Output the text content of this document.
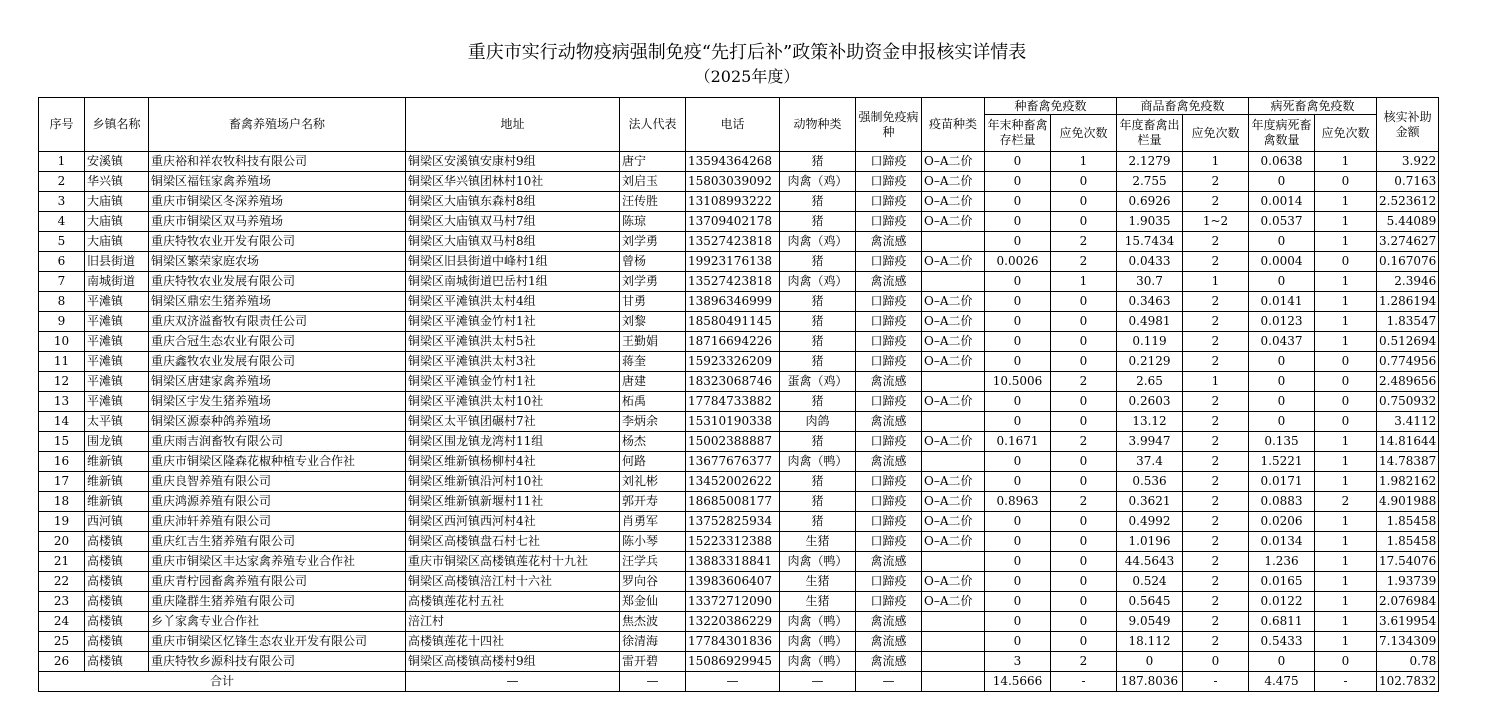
重庆市实行动物疫病强制免疫“先打后补”政策补助资金申报核实详情表
（2025年度）
序号	乡镇名称	畜禽养殖场户名称	地址	法人代表	电话	动物种类	强制免疫病种	疫苗种类	种畜禽免疫数		商品畜禽免疫数		病死畜禽免疫数		核实补助金额
									年末种畜禽存栏量	应免次数	年度畜禽出栏量	应免次数	年度病死畜禽数量	应免次数	
1	安溪镇	重庆裕和祥农牧科技有限公司	铜梁区安溪镇安康村9组	唐宁	13594364268	猪	口蹄疫	O–A二价	0	1	2.1279	1	0.0638	1	3.922
2	华兴镇	铜梁区福钰家禽养殖场	铜梁区华兴镇团林村10社	刘启玉	15803039092	肉禽（鸡）	口蹄疫	O–A二价	0	0	2.755	2	0	0	0.7163
3	大庙镇	重庆市铜梁区冬深养殖场	铜梁区大庙镇东森村8组	汪传胜	13108993222	猪	口蹄疫	O–A二价	0	0	0.6926	2	0.0014	1	2.523612
4	大庙镇	重庆市铜梁区双马养殖场	铜梁区大庙镇双马村7组	陈琼	13709402178	猪	口蹄疫	O–A二价	0	0	1.9035	1~2	0.0537	1	5.44089
5	大庙镇	重庆特牧农业开发有限公司	铜梁区大庙镇双马村8组	刘学勇	13527423818	肉禽（鸡）	禽流感		0	2	15.7434	2	0	1	3.274627
6	旧县街道	铜梁区繁荣家庭农场	铜梁区旧县街道中峰村1组	曾杨	19923176138	猪	口蹄疫	O–A二价	0.0026	2	0.0433	2	0.0004	0	0.167076
7	南城街道	重庆特牧农业发展有限公司	铜梁区南城街道巴岳村1组	刘学勇	13527423818	肉禽（鸡）	禽流感		0	1	30.7	1	0	1	2.3946
8	平滩镇	铜梁区鼎宏生猪养殖场	铜梁区平滩镇洪太村4组	甘勇	13896346999	猪	口蹄疫	O–A二价	0	0	0.3463	2	0.0141	1	1.286194
9	平滩镇	重庆双济溢畜牧有限责任公司	铜梁区平滩镇金竹村1社	刘黎	18580491145	猪	口蹄疫	O–A二价	0	0	0.4981	2	0.0123	1	1.83547
10	平滩镇	重庆合冠生态农业有限公司	铜梁区平滩镇洪太村5社	王勤娟	18716694226	猪	口蹄疫	O–A二价	0	0	0.119	2	0.0437	1	0.512694
11	平滩镇	重庆鑫牧农业发展有限公司	铜梁区平滩镇洪太村3社	蒋奎	15923326209	猪	口蹄疫	O–A二价	0	0	0.2129	2	0	0	0.774956
12	平滩镇	铜梁区唐建家禽养殖场	铜梁区平滩镇金竹村1社	唐建	18323068746	蛋禽（鸡）	禽流感		10.5006	2	2.65	1	0	0	2.489656
13	平滩镇	铜梁区宇发生猪养殖场	铜梁区平滩镇洪太村10社	柘禹	17784733882	猪	口蹄疫	O–A二价	0	0	0.2603	2	0	0	0.750932
14	太平镇	铜梁区源泰种鸽养殖场	铜梁区太平镇团碾村7社	李炳余	15310190338	肉鸽	禽流感		0	0	13.12	2	0	0	3.4112
15	围龙镇	重庆雨吉润畜牧有限公司	铜梁区围龙镇龙湾村11组	杨杰	15002388887	猪	口蹄疫	O–A二价	0.1671	2	3.9947	2	0.135	1	14.81644
16	维新镇	重庆市铜梁区隆森花椒种植专业合作社	铜梁区维新镇杨柳村4社	何路	13677676377	肉禽（鸭）	禽流感		0	0	37.4	2	1.5221	1	14.78387
17	维新镇	重庆良智养殖有限公司	铜梁区维新镇沿河村10社	刘礼彬	13452002622	猪	口蹄疫	O–A二价	0	0	0.536	2	0.0171	1	1.982162
18	维新镇	重庆鸿源养殖有限公司	铜梁区维新镇新堰村11社	郭开寿	18685008177	猪	口蹄疫	O–A二价	0.8963	2	0.3621	2	0.0883	2	4.901988
19	西河镇	重庆沛轩养殖有限公司	铜梁区西河镇西河村4社	肖勇军	13752825934	猪	口蹄疫	O–A二价	0	0	0.4992	2	0.0206	1	1.85458
20	高楼镇	重庆红吉生猪养殖有限公司	铜梁区高楼镇盘石村七社	陈小琴	15223312388	生猪	口蹄疫	O–A二价	0	0	1.0196	2	0.0134	1	1.85458
21	高楼镇	重庆市铜梁区丰达家禽养殖专业合作社	重庆市铜梁区高楼镇莲花村十九社	汪学兵	13883318841	肉禽（鸭）	禽流感		0	0	44.5643	2	1.236	1	17.54076
22	高楼镇	重庆青柠园畜禽养殖有限公司	铜梁区高楼镇涪江村十六社	罗向谷	13983606407	生猪	口蹄疫	O–A二价	0	0	0.524	2	0.0165	1	1.93739
23	高楼镇	重庆隆群生猪养殖有限公司	高楼镇莲花村五社	郑金仙	13372712090	生猪	口蹄疫	O–A二价	0	0	0.5645	2	0.0122	1	2.076984
24	高楼镇	乡丫家禽专业合作社	涪江村	焦杰波	13220386229	肉禽（鸭）	禽流感		0	0	9.0549	2	0.6811	1	3.619954
25	高楼镇	重庆市铜梁区忆锋生态农业开发有限公司	高楼镇莲花十四社	徐清海	17784301836	肉禽（鸭）	禽流感		0	0	18.112	2	0.5433	1	7.134309
26	高楼镇	重庆特牧乡源科技有限公司	铜梁区高楼镇高楼村9组	雷开碧	15086929945	肉禽（鸭）	禽流感		3	2	0	0	0	0	0.78
合计			—	—	—	—	—		14.5666	-	187.8036	-	4.475	-	102.7832
